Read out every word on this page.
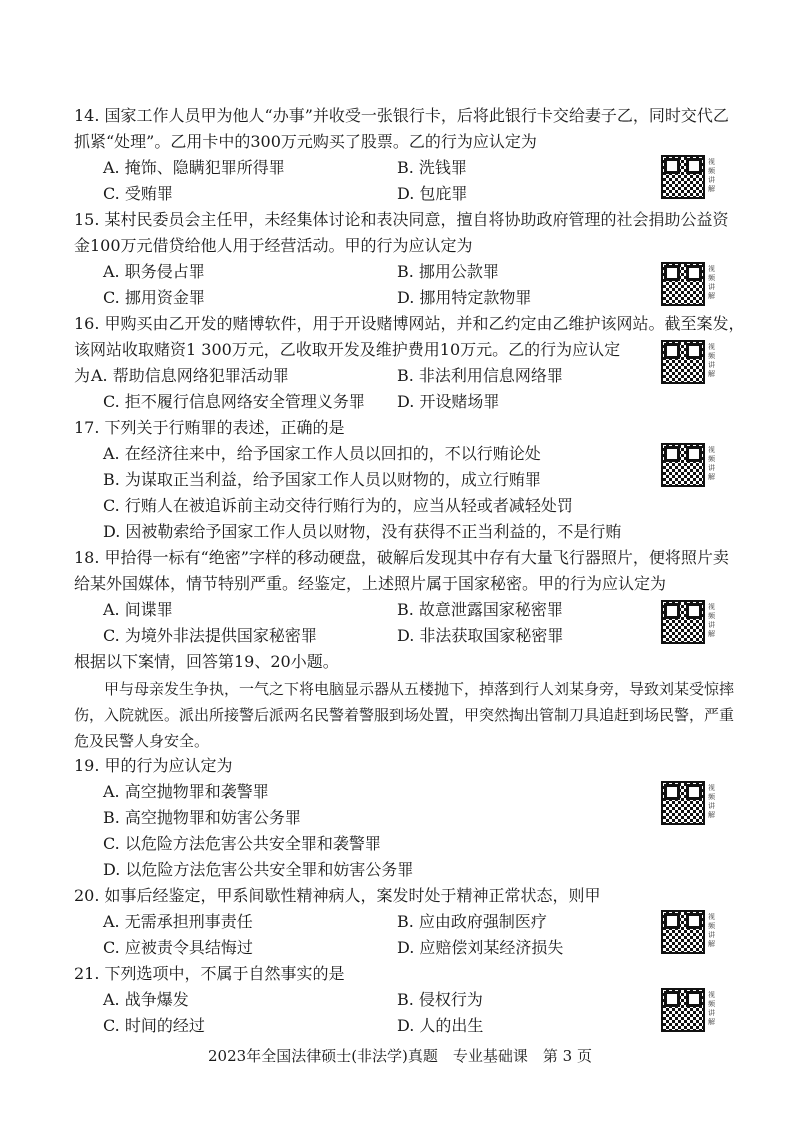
14. 国家工作人员甲为他人“办事”并收受一张银行卡，后将此银行卡交给妻子乙，同时交代乙
抓紧“处理”。乙用卡中的300万元购买了股票。乙的行为应认定为
A. 掩饰、隐瞒犯罪所得罪	B. 洗钱罪
C. 受贿罪	D. 包庇罪
视频讲解
15. 某村民委员会主任甲，未经集体讨论和表决同意，擅自将协助政府管理的社会捐助公益资
金100万元借贷给他人用于经营活动。甲的行为应认定为
A. 职务侵占罪	B. 挪用公款罪
C. 挪用资金罪	D. 挪用特定款物罪
视频讲解
16. 甲购买由乙开发的赌博软件，用于开设赌博网站，并和乙约定由乙维护该网站。截至案发，
该网站收取赌资1 300万元，乙收取开发及维护费用10万元。乙的行为应认定
为 A. 帮助信息网络犯罪活动罪	B. 非法利用信息网络罪
C. 拒不履行信息网络安全管理义务罪 D. 开设赌场罪
视频讲解
17. 下列关于行贿罪的表述，正确的是
A. 在经济往来中，给予国家工作人员以回扣的，不以行贿论处
B. 为谋取正当利益，给予国家工作人员以财物的，成立行贿罪
C. 行贿人在被追诉前主动交待行贿行为的，应当从轻或者减轻处罚
D. 因被勒索给予国家工作人员以财物，没有获得不正当利益的，不是行贿
视频讲解
18. 甲拾得一标有“绝密”字样的移动硬盘，破解后发现其中存有大量飞行器照片，便将照片卖
给某外国媒体，情节特别严重。经鉴定，上述照片属于国家秘密。甲的行为应认定为
A. 间谍罪	B. 故意泄露国家秘密罪
C. 为境外非法提供国家秘密罪	D. 非法获取国家秘密罪
视频讲解
根据以下案情，回答第19、20小题。
甲与母亲发生争执，一气之下将电脑显示器从五楼抛下，掉落到行人刘某身旁，导致刘某受惊摔伤，入院就医。派出所接警后派两名民警着警服到场处置，甲突然掏出管制刀具追赶到场民警，严重危及民警人身安全。
19. 甲的行为应认定为
A. 高空抛物罪和袭警罪
B. 高空抛物罪和妨害公务罪
C. 以危险方法危害公共安全罪和袭警罪
D. 以危险方法危害公共安全罪和妨害公务罪
视频讲解
20. 如事后经鉴定，甲系间歇性精神病人，案发时处于精神正常状态，则甲
A. 无需承担刑事责任	B. 应由政府强制医疗
C. 应被责令具结悔过	D. 应赔偿刘某经济损失
视频讲解
21. 下列选项中，不属于自然事实的是
A. 战争爆发	B. 侵权行为
C. 时间的经过	D. 人的出生
视频讲解
2023年全国法律硕士(非法学)真题　专业基础课　第 3 页
